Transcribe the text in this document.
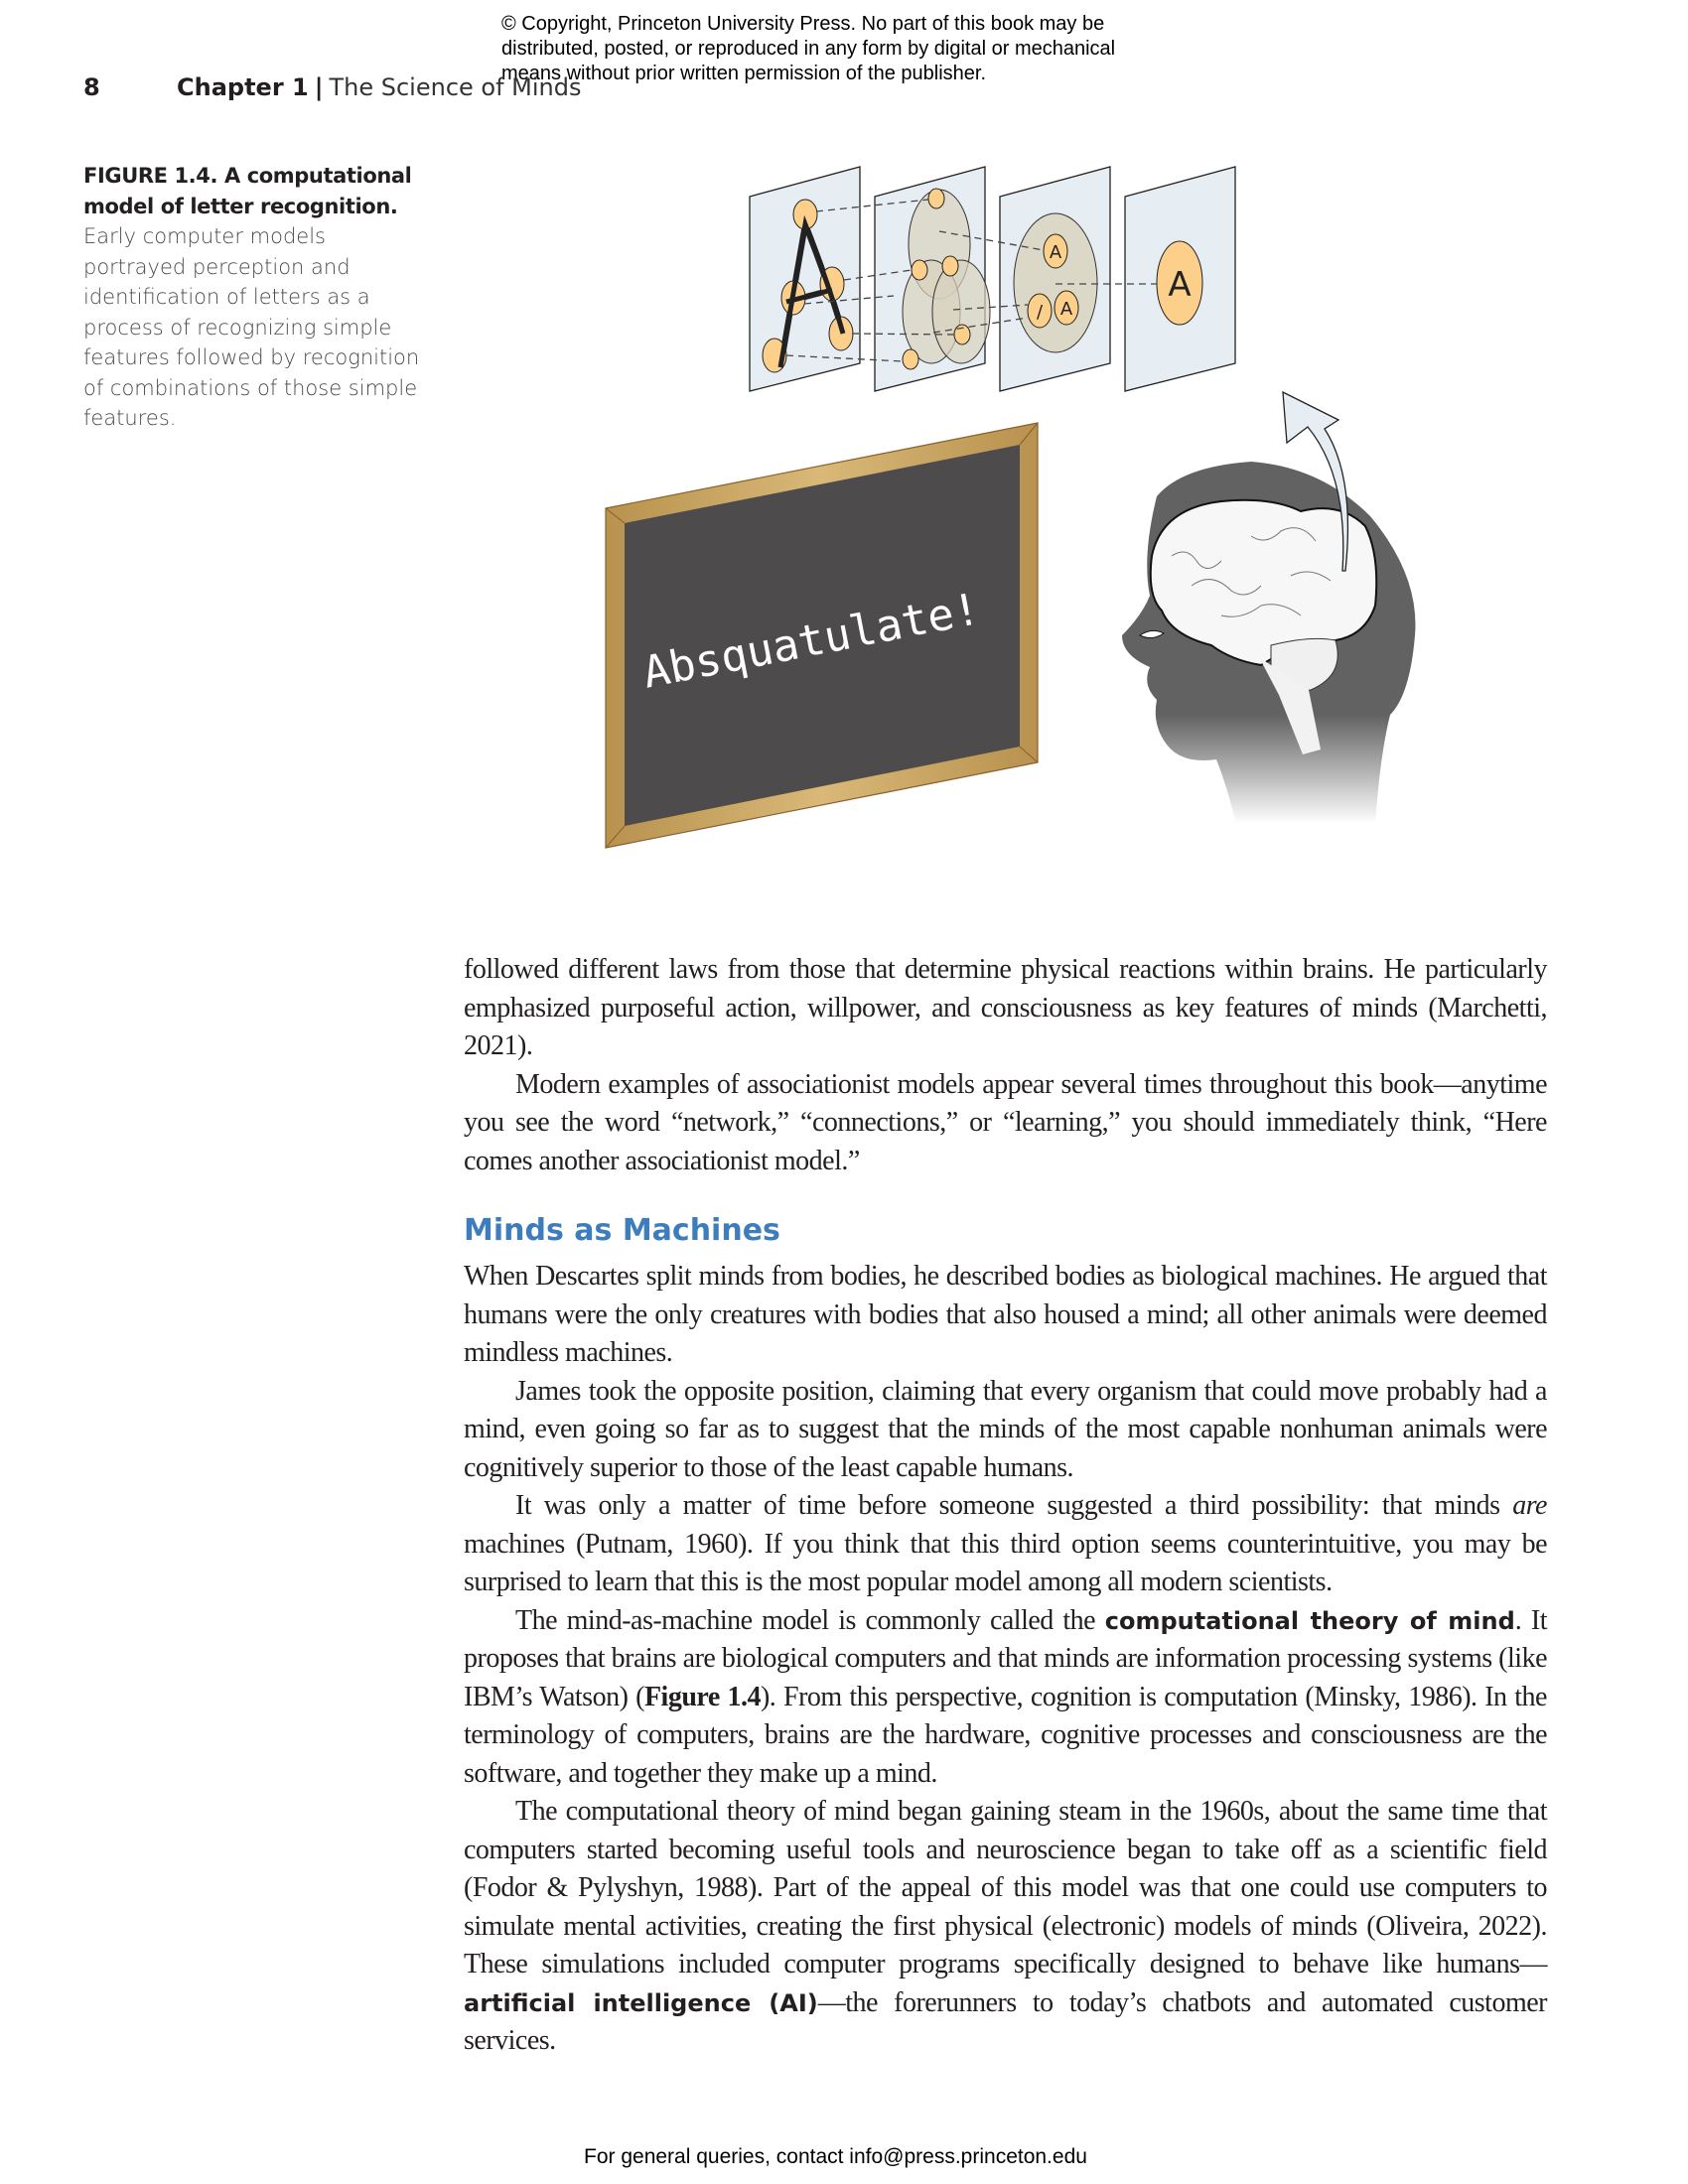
© Copyright, Princeton University Press. No part of this book may be
distributed, posted, or reproduced in any form by digital or mechanical
means without prior written permission of the publisher.
8	Chapter 1 | The Science of Minds
FIGURE 1.4. A computational model of letter recognition.
Early computer models portrayed perception and identification of letters as a process of recognizing simple features followed by recognition of combinations of those simple features.
A
A
/
A
Absquatulate!

followed different laws from those that determine physical reactions within brains. He particularly emphasized purposeful action, willpower, and consciousness as key features of minds (Marchetti, 2021).

Modern examples of associationist models appear several times throughout this book—anytime you see the word “network,” “connections,” or “learning,” you should immediately think, “Here comes another associationist model.”

Minds as Machines

When Descartes split minds from bodies, he described bodies as biological machines. He argued that humans were the only creatures with bodies that also housed a mind; all other animals were deemed mindless machines.

James took the opposite position, claiming that every organism that could move probably had a mind, even going so far as to suggest that the minds of the most capable nonhuman animals were cognitively superior to those of the least capable humans.

It was only a matter of time before someone suggested a third possibility: that minds are machines (Putnam, 1960). If you think that this third option seems counterintuitive, you may be surprised to learn that this is the most popular model among all modern scientists.

The mind-as-machine model is commonly called the computational theory of mind. It proposes that brains are biological computers and that minds are information processing systems (like IBM’s Watson) (Figure 1.4). From this perspective, cognition is computation (Minsky, 1986). In the terminology of computers, brains are the hardware, cognitive processes and consciousness are the software, and together they make up a mind.

The computational theory of mind began gaining steam in the 1960s, about the same time that computers started becoming useful tools and neuroscience began to take off as a scientific field (Fodor & Pylyshyn, 1988). Part of the appeal of this model was that one could use computers to simulate mental activities, creating the first physical (electronic) models of minds (Oliveira, 2022). These simulations included computer programs specifically designed to behave like humans—artificial intelligence (AI)—the forerunners to today’s chatbots and automated customer services.

For general queries, contact info@press.princeton.edu
